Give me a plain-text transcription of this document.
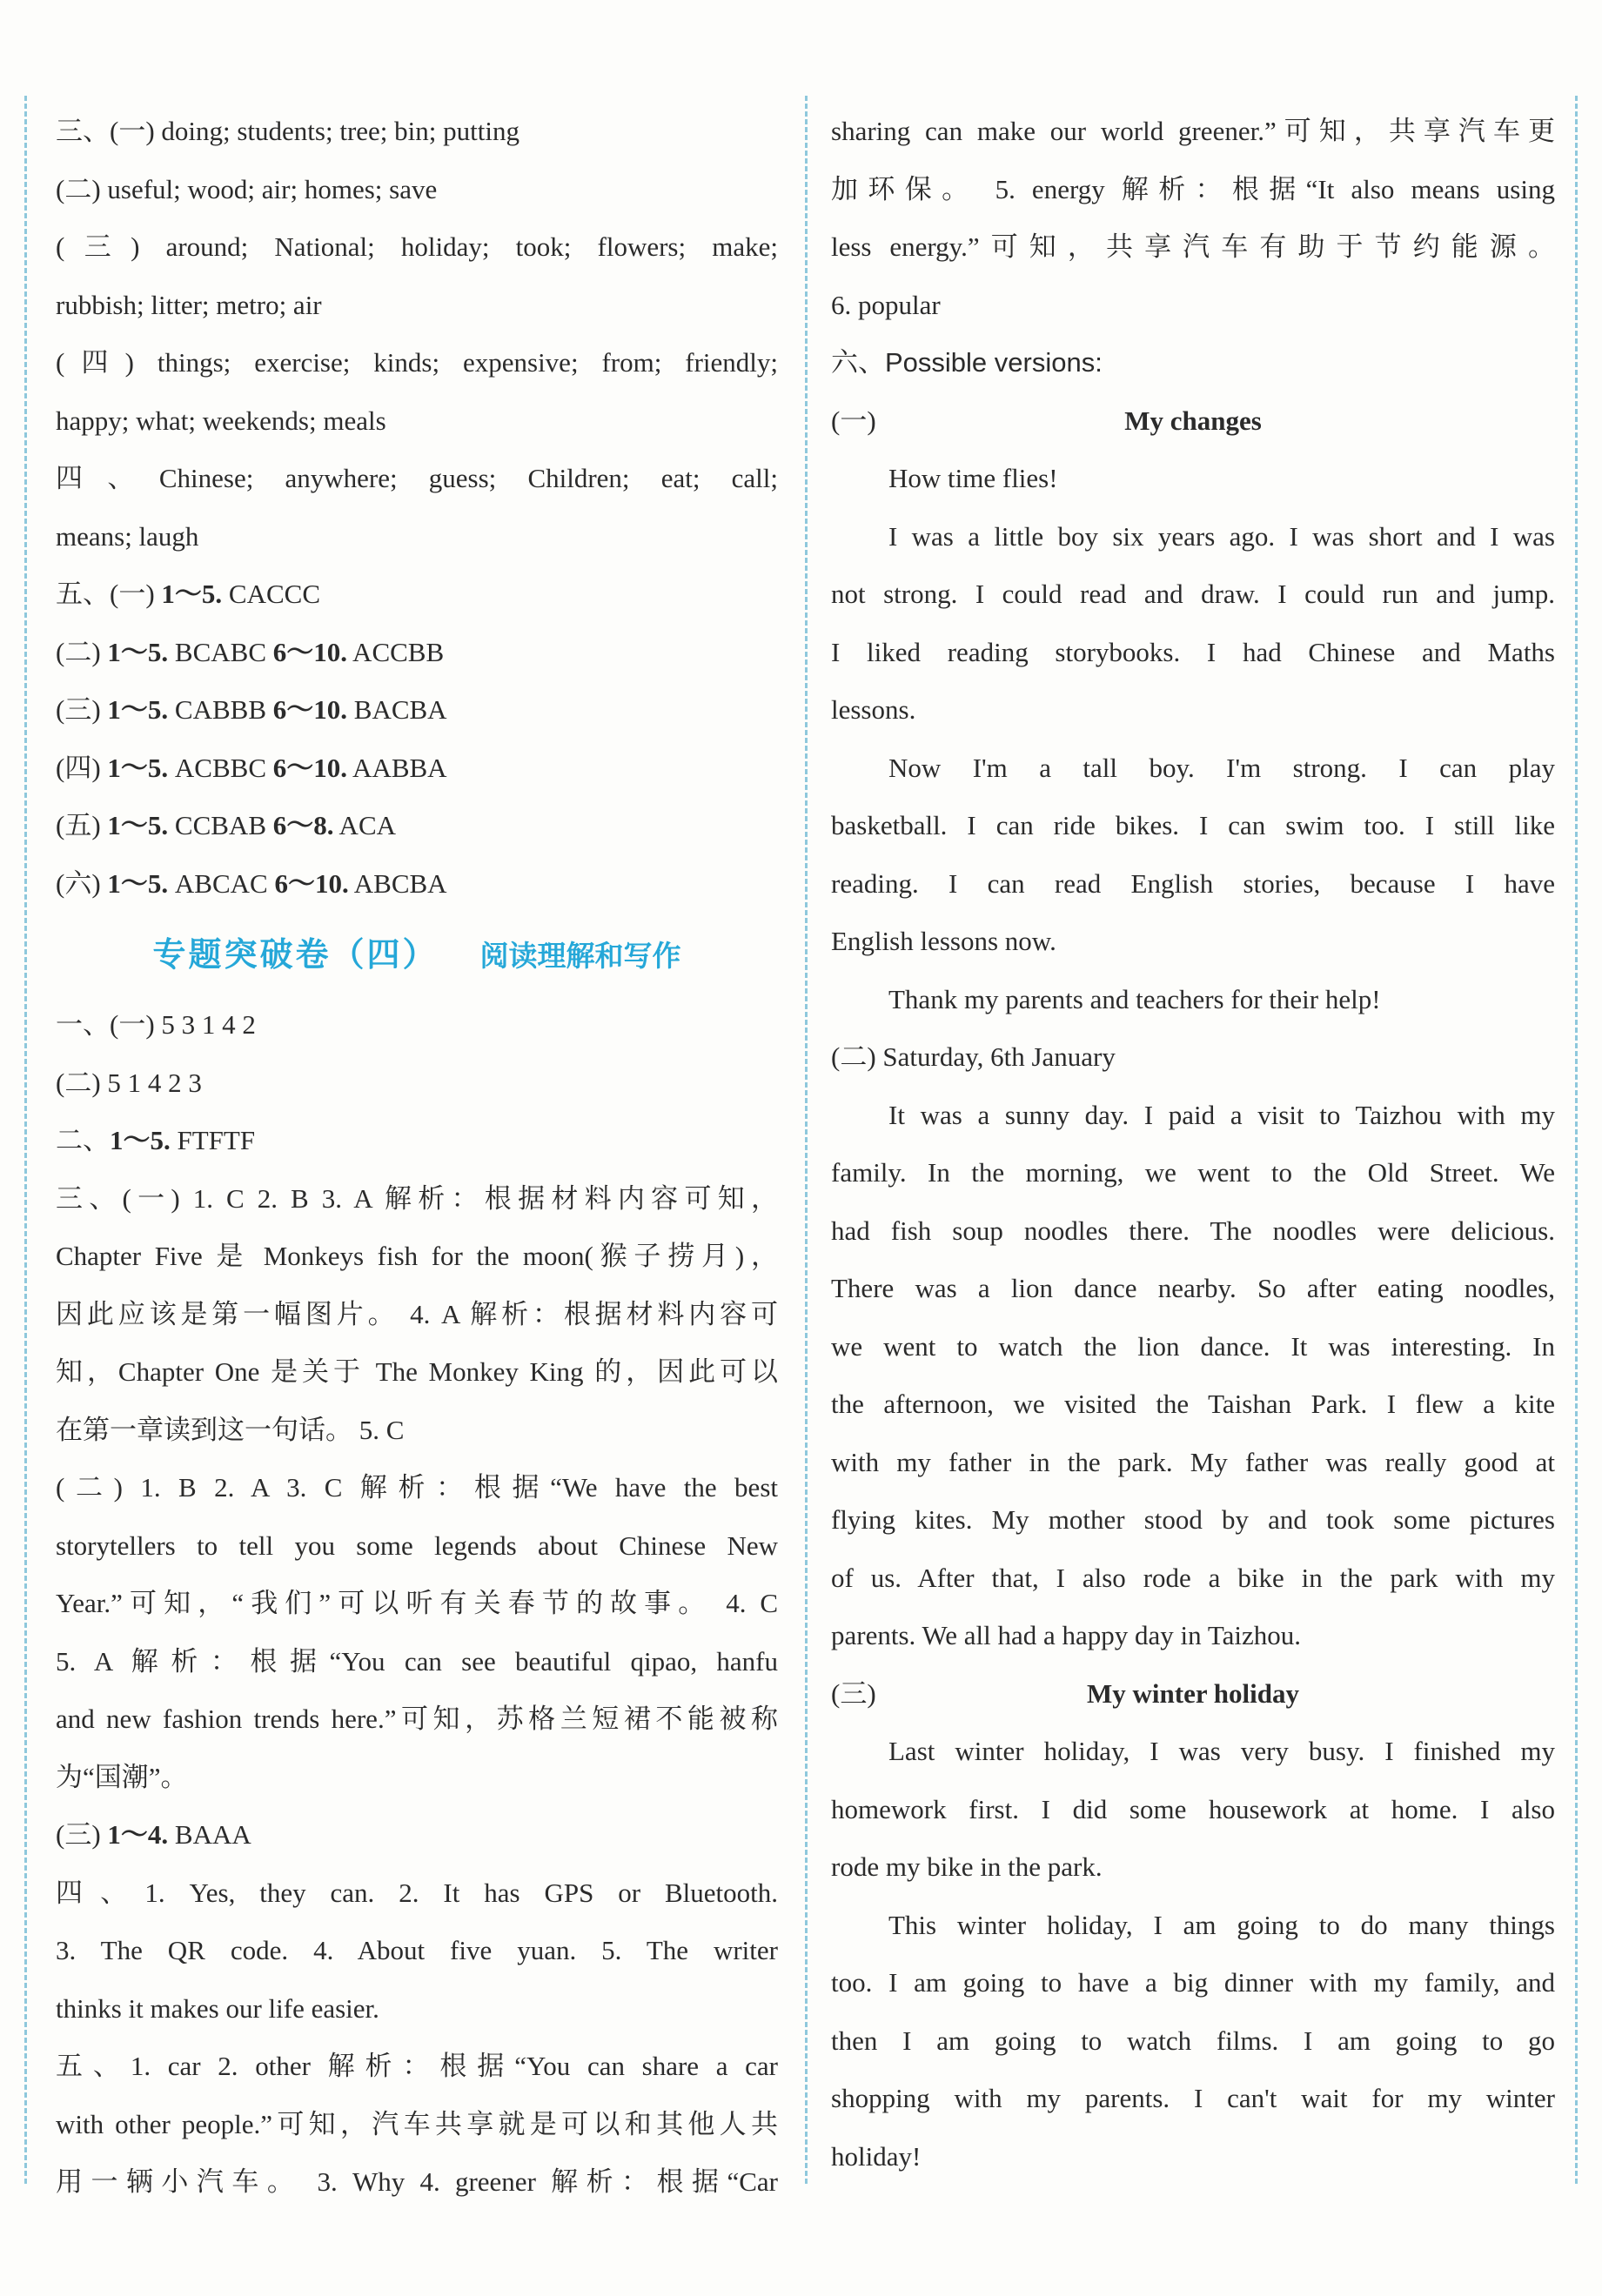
三、(一) doing; students; tree; bin; putting
(二) useful; wood; air; homes; save
(三) around; National; holiday; took; flowers; make;
rubbish; litter; metro; air
(四) things; exercise; kinds; expensive; from; friendly;
happy; what; weekends; meals
四、Chinese; anywhere; guess; Children; eat; call;
means; laugh
五、(一) 1～5. CACCC
(二) 1～5. BCABC 6～10. ACCBB
(三) 1～5. CABBB 6～10. BACBA
(四) 1～5. ACBBC 6～10. AABBA
(五) 1～5. CCBAB 6～8. ACA
(六) 1～5. ABCAC 6～10. ABCBA
专题突破卷（四） 阅读理解和写作
一、(一) 5 3 1 4 2
(二) 5 1 4 2 3
二、1～5. FTFTF
三、(一) 1. C 2. B 3. A 解析：根据材料内容可知，
Chapter Five 是 Monkeys fish for the moon(猴子捞月)，
因此应该是第一幅图片。 4. A 解析：根据材料内容可
知，Chapter One 是关于 The Monkey King 的，因此可以
在第一章读到这一句话。 5. C
(二) 1. B 2. A 3. C 解析：根据“We have the best
storytellers to tell you some legends about Chinese New
Year.”可知，“我们”可以听有关春节的故事。 4. C
5. A 解析：根据“You can see beautiful qipao, hanfu
and new fashion trends here.”可知，苏格兰短裙不能被称
为“国潮”。
(三) 1～4. BAAA
四、1. Yes, they can. 2. It has GPS or Bluetooth.
3. The QR code. 4. About five yuan. 5. The writer
thinks it makes our life easier.
五、1. car 2. other 解析：根据“You can share a car
with other people.”可知，汽车共享就是可以和其他人共
用一辆小汽车。 3. Why 4. greener 解析：根据“Car
sharing can make our world greener.”可知，共享汽车更
加环保。 5. energy 解析：根据“It also means using
less energy.”可知，共享汽车有助于节约能源。
6. popular
六、Possible versions:
(一)	My changes
How time flies!
I was a little boy six years ago. I was short and I was
not strong. I could read and draw. I could run and jump.
I liked reading storybooks. I had Chinese and Maths
lessons.
Now I'm a tall boy. I'm strong. I can play
basketball. I can ride bikes. I can swim too. I still like
reading. I can read English stories, because I have
English lessons now.
Thank my parents and teachers for their help!
(二) Saturday, 6th January
It was a sunny day. I paid a visit to Taizhou with my
family. In the morning, we went to the Old Street. We
had fish soup noodles there. The noodles were delicious.
There was a lion dance nearby. So after eating noodles,
we went to watch the lion dance. It was interesting. In
the afternoon, we visited the Taishan Park. I flew a kite
with my father in the park. My father was really good at
flying kites. My mother stood by and took some pictures
of us. After that, I also rode a bike in the park with my
parents. We all had a happy day in Taizhou.
(三)	My winter holiday
Last winter holiday, I was very busy. I finished my
homework first. I did some housework at home. I also
rode my bike in the park.
This winter holiday, I am going to do many things
too. I am going to have a big dinner with my family, and
then I am going to watch films. I am going to go
shopping with my parents. I can't wait for my winter
holiday!
